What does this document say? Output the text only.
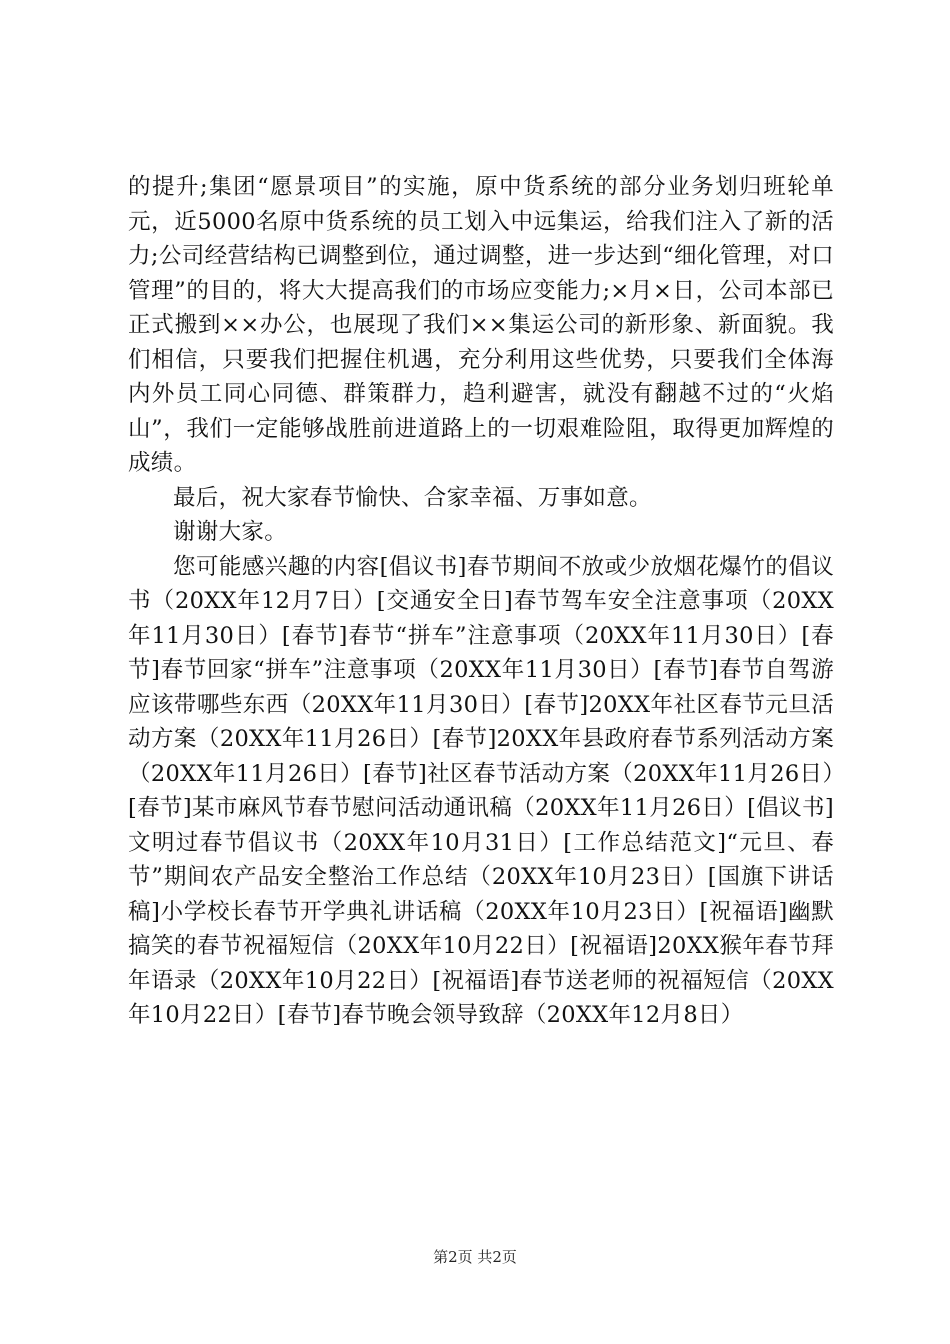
的提升;集团“愿景项目”的实施，原中货系统的部分业务划归班轮单元，近5000名原中货系统的员工划入中远集运，给我们注入了新的活力;公司经营结构已调整到位，通过调整，进一步达到“细化管理，对口管理”的目的，将大大提高我们的市场应变能力;×月×日，公司本部已正式搬到××办公，也展现了我们××集运公司的新形象、新面貌。我们相信，只要我们把握住机遇，充分利用这些优势，只要我们全体海内外员工同心同德、群策群力，趋利避害，就没有翻越不过的“火焰山”，我们一定能够战胜前进道路上的一切艰难险阻，取得更加辉煌的成绩。

最后，祝大家春节愉快、合家幸福、万事如意。

谢谢大家。

您可能感兴趣的内容[倡议书]春节期间不放或少放烟花爆竹的倡议书（20XX年12月7日）[交通安全日]春节驾车安全注意事项（20XX年11月30日）[春节]春节“拼车”注意事项（20XX年11月30日）[春节]春节回家“拼车”注意事项（20XX年11月30日）[春节]春节自驾游应该带哪些东西（20XX年11月30日）[春节]20XX年社区春节元旦活动方案（20XX年11月26日）[春节]20XX年县政府春节系列活动方案（20XX年11月26日）[春节]社区春节活动方案（20XX年11月26日）[春节]某市麻风节春节慰问活动通讯稿（20XX年11月26日）[倡议书]文明过春节倡议书（20XX年10月31日）[工作总结范文]“元旦、春节”期间农产品安全整治工作总结（20XX年10月23日）[国旗下讲话稿]小学校长春节开学典礼讲话稿（20XX年10月23日）[祝福语]幽默搞笑的春节祝福短信（20XX年10月22日）[祝福语]20XX猴年春节拜年语录（20XX年10月22日）[祝福语]春节送老师的祝福短信（20XX年10月22日）[春节]春节晚会领导致辞（20XX年12月8日）

第2页 共2页
